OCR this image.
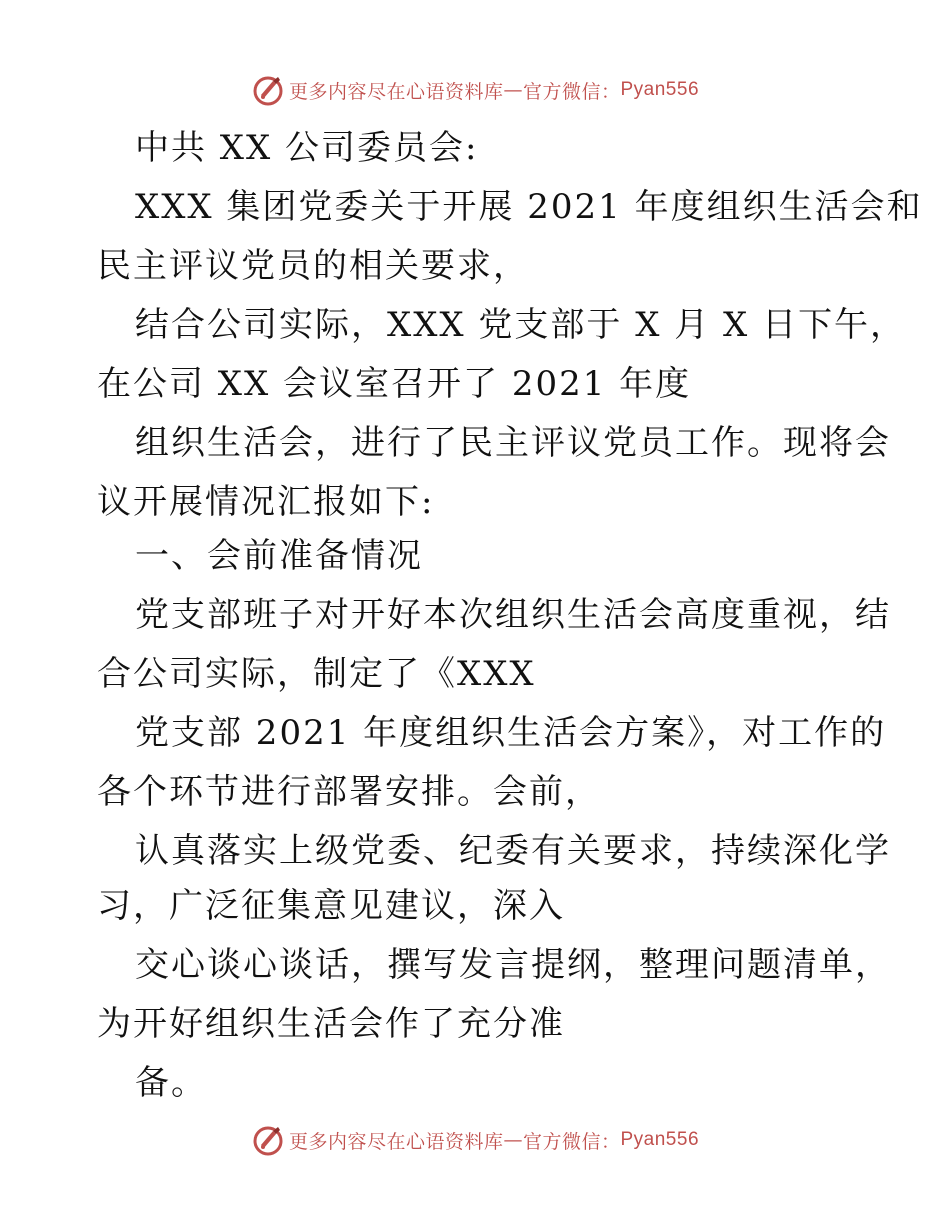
更多内容尽在心语资料库 — 官方微信： Pyan556
中共 XX 公司委员会:
XXX 集团党委关于开展 2021 年度组织生活会和
民主评议党员的相关要求，
结合公司实际，XXX 党支部于 X 月 X 日下午，
在公司 XX 会议室召开了 2021 年度
组织生活会，进行了民主评议党员工作。现将会
议开展情况汇报如下:
一、会前准备情况
党支部班子对开好本次组织生活会高度重视，结
合公司实际，制定了《XXX
党支部 2021 年度组织生活会方案》，对工作的
各个环节进行部署安排。会前，
认真落实上级党委、纪委有关要求，持续深化学
习，广泛征集意见建议，深入
交心谈心谈话，撰写发言提纲，整理问题清单，
为开好组织生活会作了充分准
备。
更多内容尽在心语资料库 — 官方微信： Pyan556
